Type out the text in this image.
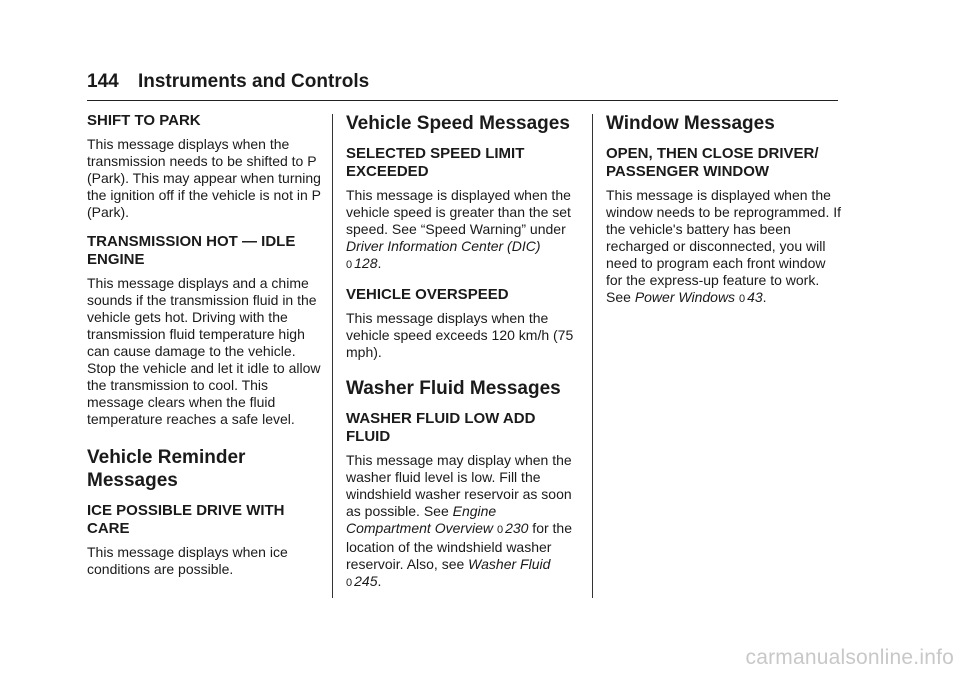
144 Instruments and Controls
SHIFT TO PARK

This message displays when the transmission needs to be shifted to P (Park). This may appear when turning the ignition off if the vehicle is not in P (Park).

TRANSMISSION HOT — IDLE ENGINE

This message displays and a chime sounds if the transmission fluid in the vehicle gets hot. Driving with the transmission fluid temperature high can cause damage to the vehicle. Stop the vehicle and let it idle to allow the transmission to cool. This message clears when the fluid temperature reaches a safe level.

Vehicle Reminder Messages
ICE POSSIBLE DRIVE WITH CARE

This message displays when ice conditions are possible.

Vehicle Speed Messages
SELECTED SPEED LIMIT EXCEEDED

This message is displayed when the vehicle speed is greater than the set speed. See “Speed Warning” under Driver Information Center (DIC)
0 128.

VEHICLE OVERSPEED

This message displays when the vehicle speed exceeds 120 km/h (75 mph).

Washer Fluid Messages
WASHER FLUID LOW ADD FLUID

This message may display when the washer fluid level is low. Fill the windshield washer reservoir as soon as possible. See Engine Compartment Overview 0 230 for the location of the windshield washer reservoir. Also, see Washer Fluid 0 245.

Window Messages
OPEN, THEN CLOSE DRIVER/ PASSENGER WINDOW

This message is displayed when the window needs to be reprogrammed. If the vehicle's battery has been recharged or disconnected, you will need to program each front window for the express-up feature to work. See Power Windows 0 43.

carmanualsonline.info
